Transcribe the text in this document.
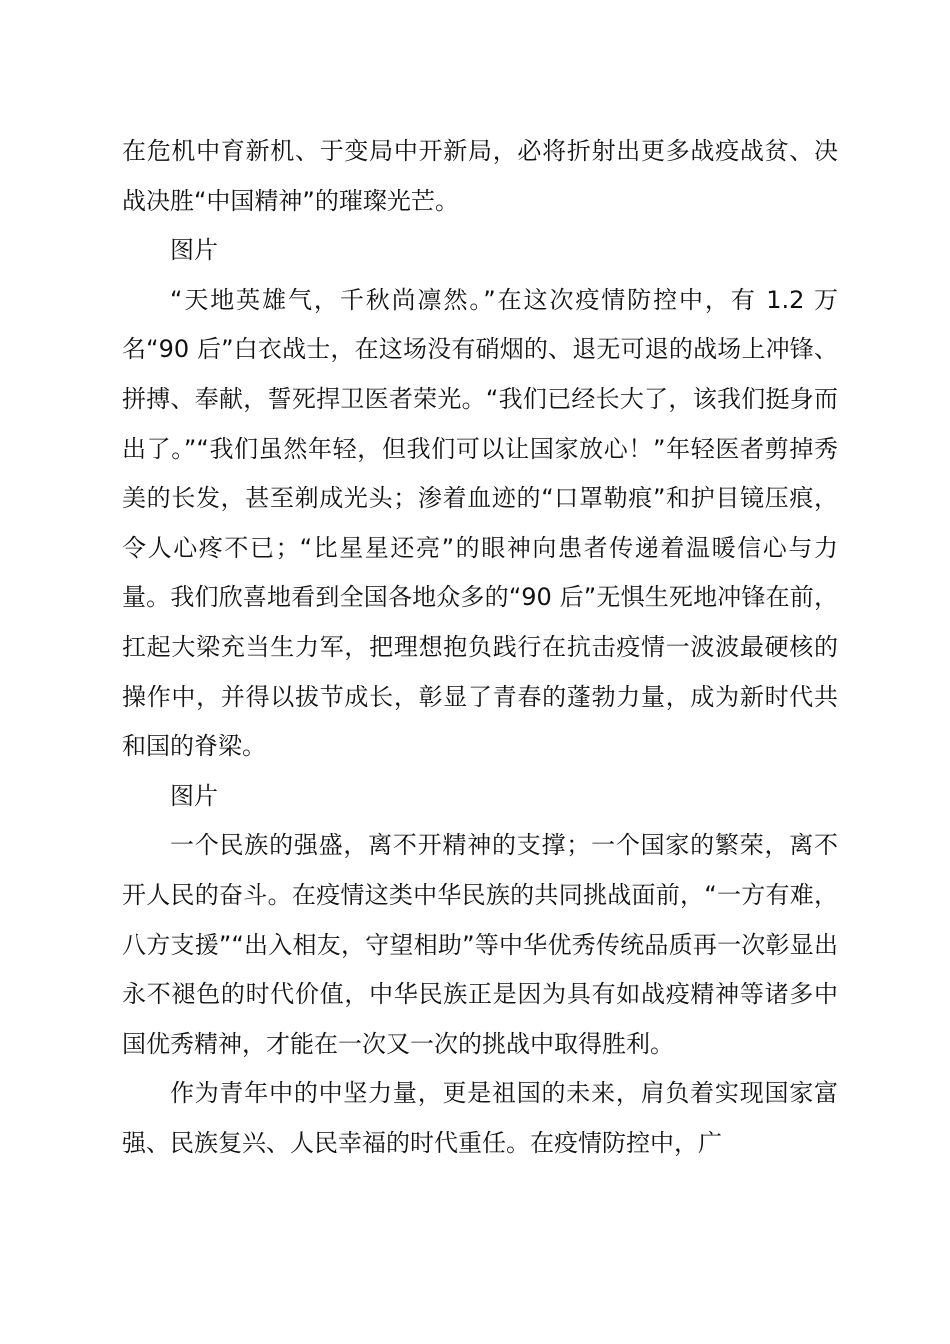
在危机中育新机、于变局中开新局，必将折射出更多战疫战贫、决战决胜“中国精神”的璀璨光芒。

图片

“天地英雄气，千秋尚凛然。”在这次疫情防控中，有 1.2 万名“90 后”白衣战士，在这场没有硝烟的、退无可退的战场上冲锋、拼搏、奉献，誓死捍卫医者荣光。“我们已经长大了，该我们挺身而出了。”“我们虽然年轻，但我们可以让国家放心！”年轻医者剪掉秀美的长发，甚至剃成光头；渗着血迹的“口罩勒痕”和护目镜压痕，令人心疼不已；“比星星还亮”的眼神向患者传递着温暖信心与力量。我们欣喜地看到全国各地众多的“90 后”无惧生死地冲锋在前，扛起大梁充当生力军，把理想抱负践行在抗击疫情一波波最硬核的操作中，并得以拔节成长，彰显了青春的蓬勃力量，成为新时代共和国的脊梁。

图片

一个民族的强盛，离不开精神的支撑；一个国家的繁荣，离不开人民的奋斗。在疫情这类中华民族的共同挑战面前，“一方有难，八方支援”“出入相友，守望相助”等中华优秀传统品质再一次彰显出永不褪色的时代价值，中华民族正是因为具有如战疫精神等诸多中国优秀精神，才能在一次又一次的挑战中取得胜利。

作为青年中的中坚力量，更是祖国的未来，肩负着实现国家富强、民族复兴、人民幸福的时代重任。在疫情防控中，广
